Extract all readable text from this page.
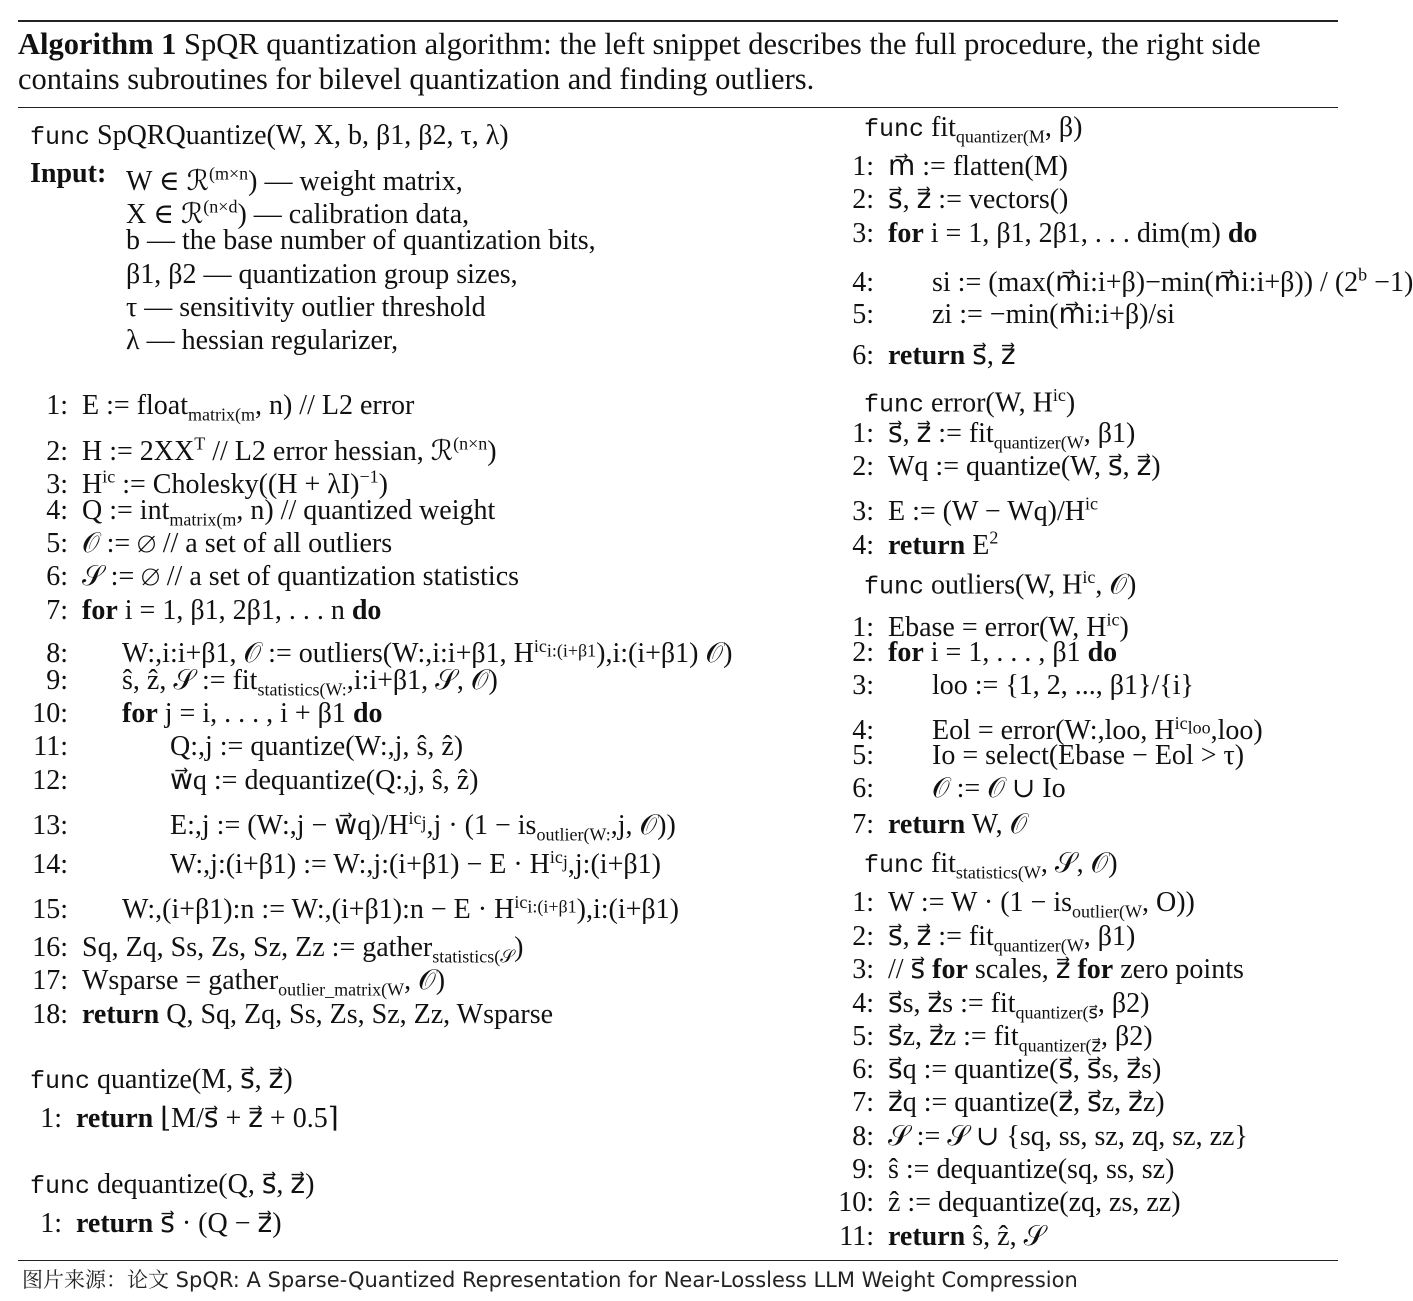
Algorithm 1 SpQR quantization algorithm: the left snippet describes the full procedure, the right side contains subroutines for bilevel quantization and finding outliers.
func SpQRQuantize(W, X, b, β1, β2, τ, λ)
Input: W ∈ ℛ$^{(m\times n}$) — weight matrix,
X ∈ ℛ$^{(n\times d}$) — calibration data,
b — the base number of quantization bits,
β1, β2 — quantization group sizes,
τ — sensitivity outlier threshold
λ — hessian regularizer,
1: E := float$_{matrix(m}$, n) // L2 error
2: H := $2XX^T // L2$ error hessian, ℛ$^{(n\times n}$)
3: $H^{ic}$ := Cholesky((H + λI)$^{-1}$)
4: Q := int$_{matrix(m}$, n) // quantized weight
5: 𝒪 := ∅ // a set of all outliers
6: 𝒮 := ∅ // a set of quantization statistics
7: for i = 1, β1, 2β1, . . . n do
8: W:,i:i+β1, 𝒪 := outliers(W:,i:i+β1, $H^{ic_{i:(i+\beta 1}}),i:(i+\beta 1)$ 𝒪)
9: ŝ, ẑ, 𝒮 := fit$_{statistics(W:}$,i:i+β1, 𝒮, 𝒪)
10: for j = i, . . . , i + β1 do
11:	Q:,j := quantize(W:,j, ŝ, ẑ)
12:	w⃗q := dequantize(Q:,j, ŝ, ẑ)
13:	E:,j := (W:,j − $w⃗q)/H^{ic_j},j \cdot (1 - is_{outlier(W:},j$, 𝒪))
14:	W:,j:(i+β1) := W:,j:(i+β1) − $E \cdot H^{ic_j},j:(i+\beta 1)$
15: W:,(i+β1):n := W:,(i+β1):n − $E \cdot H^{ic_{i:(i+\beta 1}}),i:(i+\beta 1)$
16: Sq, Zq, Ss, Zs, Sz, Zz := gather$_{statistics(𝒮}$)
17: Wsparse = gather$_{outlier\_matrix(W}$, 𝒪)
18: return Q, Sq, Zq, Ss, Zs, Sz, Zz, Wsparse
func quantize(M, s⃗, z⃗)
1: return ⌊M/s⃗ + z⃗ + 0.5⌉
func dequantize(Q, s⃗, z⃗)
1: return s⃗ · (Q − z⃗)
func fit$_{quantizer(M}$, β)
1: m⃗ := flatten(M)
2: s⃗, z⃗ := vectors()
3: for i = 1, β1, 2β1, . . . dim(m) do
4: si := (max(m⃗i:i+β)−min(m⃗i:i+β)) / $(2^b -1)$
5: zi := −min(m⃗i:i+β)/si
6: return s⃗, z⃗
func error(W, $H^{ic}$)
1: s⃗, z⃗ := fit$_{quantizer(W}$, β1)
2: Wq := quantize(W, s⃗, z⃗)
3: E := $(W - Wq)/H^{ic}$
4: return $E^2$
func outliers(W, $H^{ic}$, 𝒪)
1: Ebase = error(W, $H^{ic}$)
2: for i = 1, . . . , β1 do
3: loo := {1, 2, ..., β1}/{i}
4: Eol = error(W:,loo, $H^{ic_{loo}},loo$)
5: Io = select(Ebase − Eol > τ)
6: 𝒪 := 𝒪 ∪ Io
7: return W, 𝒪
func fit$_{statistics(W}$, 𝒮, 𝒪)
1: W := $W \cdot (1 - is_{outlier(W}$, O))
2: s⃗, z⃗ := fit$_{quantizer(W}$, β1)
3: // s⃗ for scales, z⃗ for zero points
4: s⃗s, z⃗s := fit$_{quantizer(s⃗}$, β2)
5: s⃗z, z⃗z := fit$_{quantizer(z⃗}$, β2)
6: s⃗q := quantize(s⃗, s⃗s, z⃗s)
7: z⃗q := quantize(z⃗, s⃗z, z⃗z)
8: 𝒮 := 𝒮 ∪ {sq, ss, sz, zq, sz, zz}
9: ŝ := dequantize(sq, ss, sz)
10: ẑ := dequantize(zq, zs, zz)
11: return ŝ, ẑ, 𝒮
图片来源：论文 SpQR: A Sparse-Quantized Representation for Near-Lossless LLM Weight Compression
